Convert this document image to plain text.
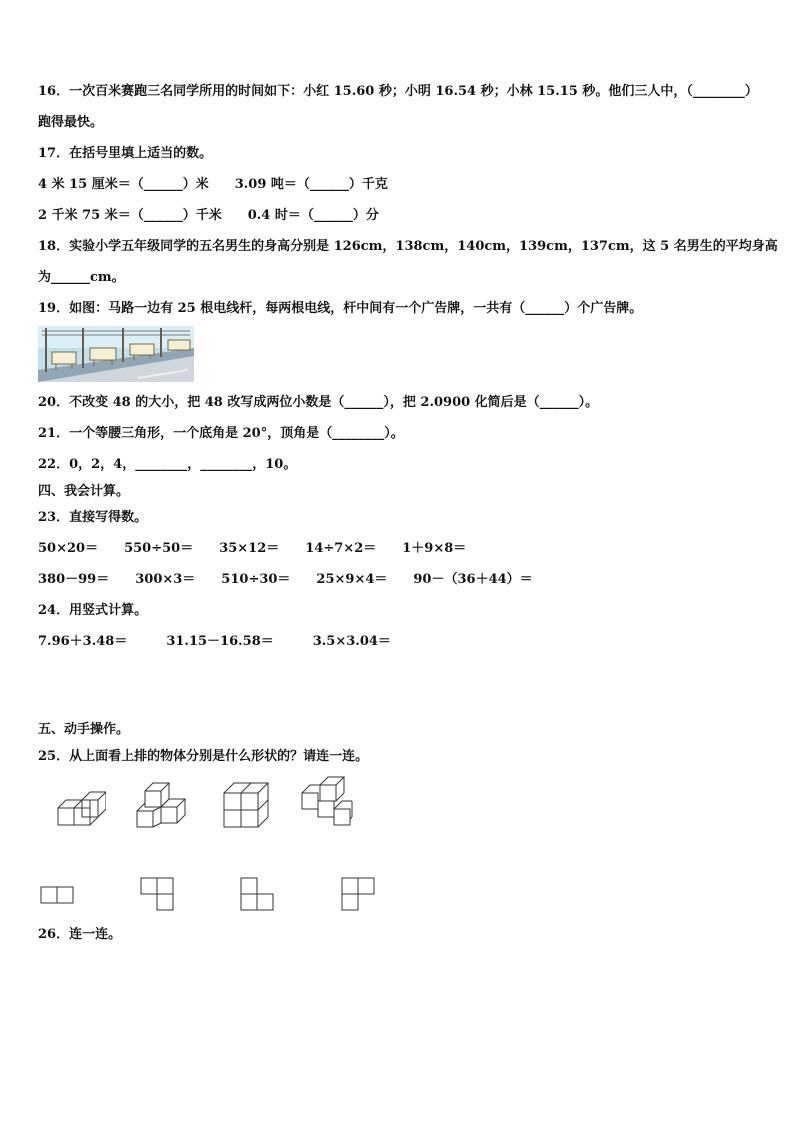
16．一次百米赛跑三名同学所用的时间如下：小红 15.60 秒；小明 16.54 秒；小林 15.15 秒。他们三人中，（________）
跑得最快。
17．在括号里填上适当的数。
4 米 15 厘米＝（______）米　　3.09 吨＝（______）千克
2 千米 75 米＝（______）千米　　0.4 时＝（______）分
18．实验小学五年级同学的五名男生的身高分别是 126cm，138cm，140cm，139cm，137cm，这 5 名男生的平均身高
为______cm。
19．如图：马路一边有 25 根电线杆，每两根电线，杆中间有一个广告牌，一共有（______）个广告牌。
20．不改变 48 的大小，把 48 改写成两位小数是（______），把 2.0900 化简后是（______）。
21．一个等腰三角形，一个底角是 20°，顶角是（________）。
22．0，2，4，________，________，10。
四、我会计算。
23．直接写得数。
50×20＝　　550÷50＝　　35×12＝　　14÷7×2＝　　1＋9×8＝
380－99＝　　300×3＝　　510÷30＝　　25×9×4＝　　90－（36＋44）＝
24．用竖式计算。
7.96＋3.48＝　　　31.15－16.58＝　　　3.5×3.04＝
五、动手操作。
25．从上面看上排的物体分别是什么形状的？请连一连。
26．连一连。
